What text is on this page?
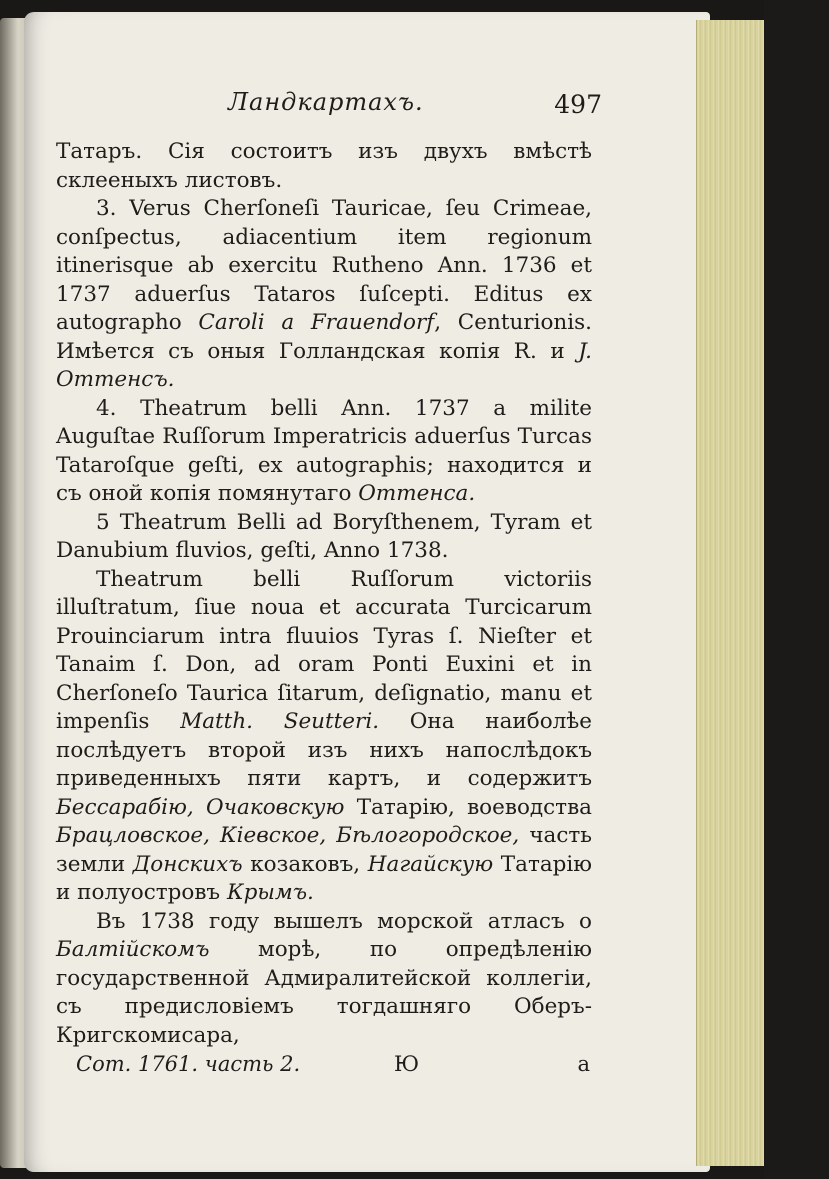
Ландкартахъ.	497

Татаръ. Сія состоитъ изъ двухъ вмѣстѣ склееныхъ листовъ.

3. Verus Cherſoneſi Tauricae, ſeu Crimeae, conſpectus, adiacentium item regionum itinerisque ab exercitu Rutheno Ann. 1736 et 1737 aduerſus Tataros ſuſcepti. Editus ex autographo Caroli a Frauendorf, Centurionis. Имѣется съ оныя Голландская копія R. и J. Оттенсъ.

4. Theatrum belli Ann. 1737 a milite Auguſtae Ruſſorum Imperatricis aduerſus Turcas Tataroſque geſti, ex autographis; находится и съ оной копія помянутаго Оттенса.

5 Theatrum Belli ad Boryſthenem, Tyram et Danubium fluvios, geſti, Anno 1738.

Theatrum belli Ruſſorum victoriis illuſtratum, ſiue noua et accurata Turcicarum Prouinciarum intra fluuios Tyras ſ. Nieſter et Tanaim ſ. Don, ad oram Ponti Euxini et in Cherſoneſo Taurica ſitarum, deſignatio, manu et impenſis Matth. Seutteri. Она наиболѣе послѣдуетъ второй изъ нихъ напослѣдокъ приведенныхъ пяти картъ, и содержитъ Бессарабію, Очаковскую Татарію, воеводства Брацловское, Кіевское, Бѣлогородское, часть земли Донскихъ козаковъ, Нагайскую Татарію и полуостровъ Крымъ.

Въ 1738 году вышелъ морской атласъ о Балтійскомъ морѣ, по опредѣленію государственной Адмиралитейской коллегіи, съ предисловіемъ тогдашняго Оберъ-Кригскомисара,

Сот. 1761. часть 2.	Ю	а
